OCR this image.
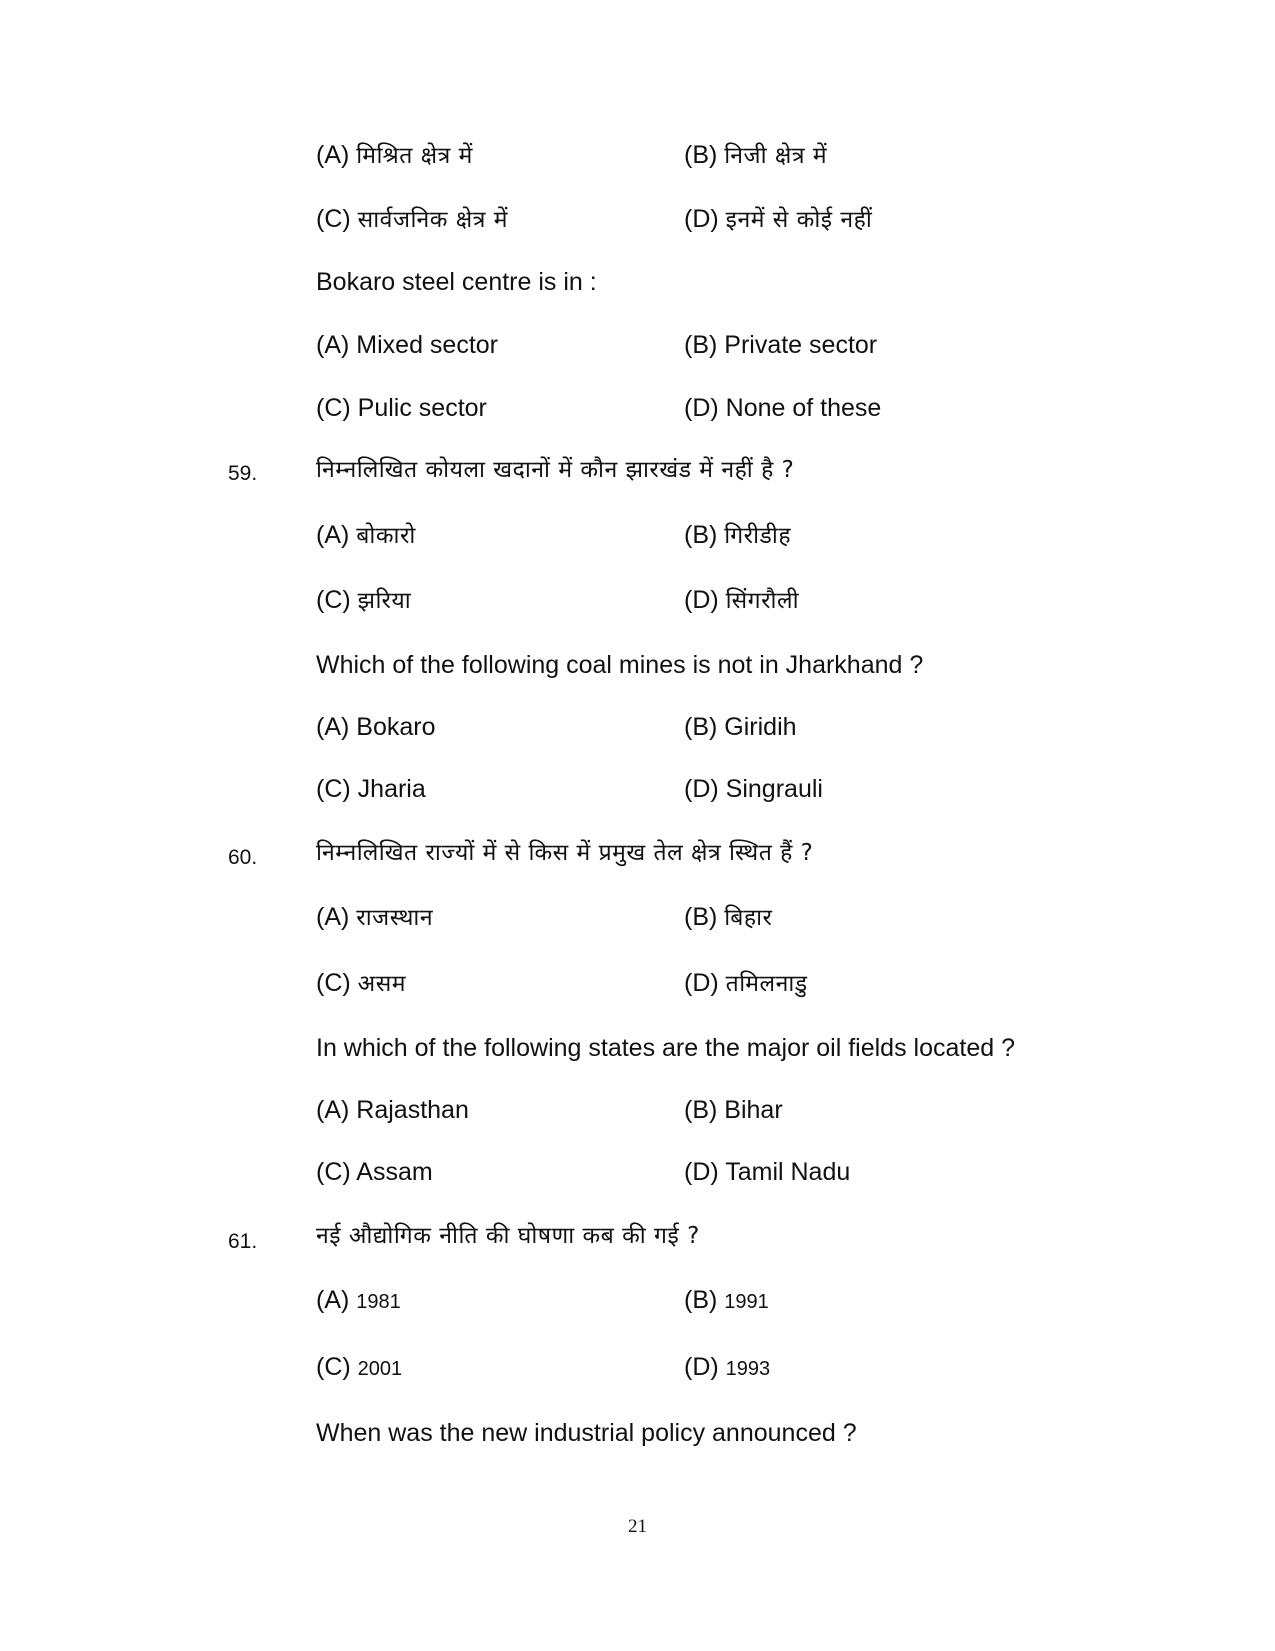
(A) मिश्रित क्षेत्र में	(B) निजी क्षेत्र में
(C) सार्वजनिक क्षेत्र में	(D) इनमें से कोई नहीं
Bokaro steel centre is in :
(A) Mixed sector	(B) Private sector
(C) Pulic sector	(D) None of these
59.	निम्नलिखित कोयला खदानों में कौन झारखंड में नहीं है ?
(A) बोकारो	(B) गिरीडीह
(C) झरिया	(D) सिंगरौली
Which of the following coal mines is not in Jharkhand ?
(A) Bokaro	(B) Giridih
(C) Jharia	(D) Singrauli
60.	निम्नलिखित राज्यों में से किस में प्रमुख तेल क्षेत्र स्थित हैं ?
(A) राजस्थान	(B) बिहार
(C) असम	(D) तमिलनाडु
In which of the following states are the major oil fields located ?
(A) Rajasthan	(B) Bihar
(C) Assam	(D) Tamil Nadu
61.	नई औद्योगिक नीति की घोषणा कब की गई ?
(A) 1981	(B) 1991
(C) 2001	(D) 1993
When was the new industrial policy announced ?
21
